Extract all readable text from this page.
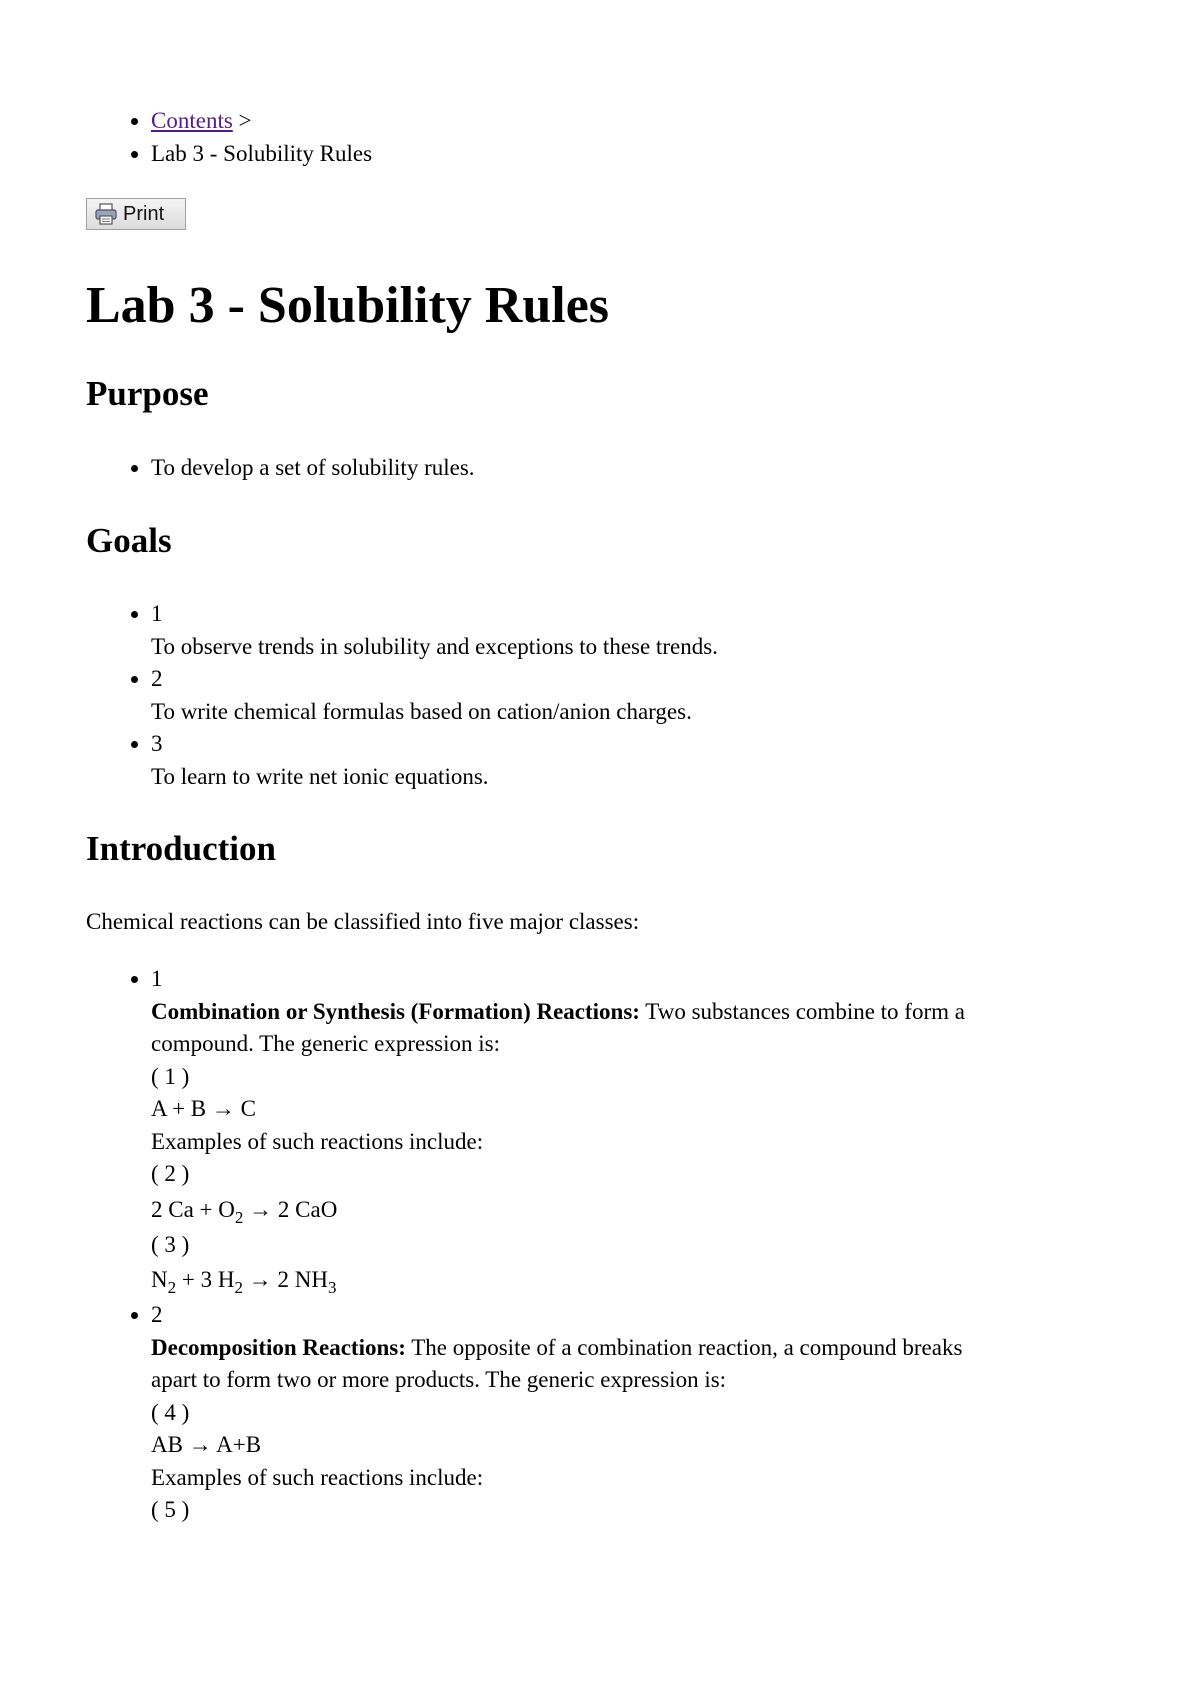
• Contents >
• Lab 3 - Solubility Rules
Print
Lab 3 - Solubility Rules
Purpose
• To develop a set of solubility rules.
Goals
• 1
To observe trends in solubility and exceptions to these trends.
• 2
To write chemical formulas based on cation/anion charges.
• 3
To learn to write net ionic equations.
Introduction

Chemical reactions can be classified into five major classes:

• 1
Combination or Synthesis (Formation) Reactions: Two substances combine to form a
compound. The generic expression is:
( 1 )
A + B → C
Examples of such reactions include:
( 2 )
2 $Ca + O_2 \to 2$ CaO
( 3 )
$N_2 + 3$ $H_2 \to 2$ $NH_3$
• 2
Decomposition Reactions: The opposite of a combination reaction, a compound breaks
apart to form two or more products. The generic expression is:
( 4 )
AB → A+B
Examples of such reactions include:
( 5 )
